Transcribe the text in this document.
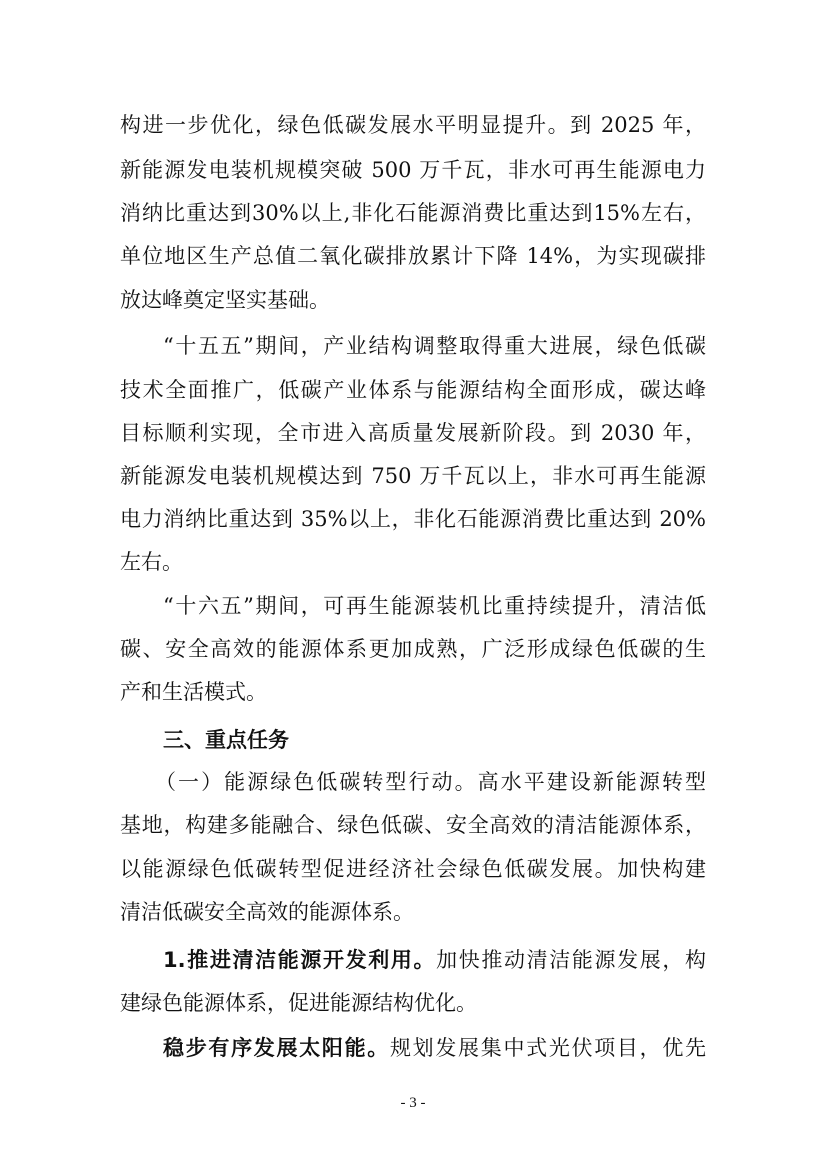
构进一步优化，绿色低碳发展水平明显提升。到 2025 年，
新能源发电装机规模突破 500 万千瓦，非水可再生能源电力
消纳比重达到30%以上,非化石能源消费比重达到15%左右，
单位地区生产总值二氧化碳排放累计下降 14%，为实现碳排
放达峰奠定坚实基础。
“十五五”期间，产业结构调整取得重大进展，绿色低碳
技术全面推广，低碳产业体系与能源结构全面形成，碳达峰
目标顺利实现，全市进入高质量发展新阶段。到 2030 年，
新能源发电装机规模达到 750 万千瓦以上，非水可再生能源
电力消纳比重达到 35%以上，非化石能源消费比重达到 20%
左右。
“十六五”期间，可再生能源装机比重持续提升，清洁低
碳、安全高效的能源体系更加成熟，广泛形成绿色低碳的生
产和生活模式。
三、重点任务
（一）能源绿色低碳转型行动。高水平建设新能源转型
基地，构建多能融合、绿色低碳、安全高效的清洁能源体系，
以能源绿色低碳转型促进经济社会绿色低碳发展。加快构建
清洁低碳安全高效的能源体系。
1.推进清洁能源开发利用。加快推动清洁能源发展，构
建绿色能源体系，促进能源结构优化。
稳步有序发展太阳能。规划发展集中式光伏项目，优先
- 3 -
